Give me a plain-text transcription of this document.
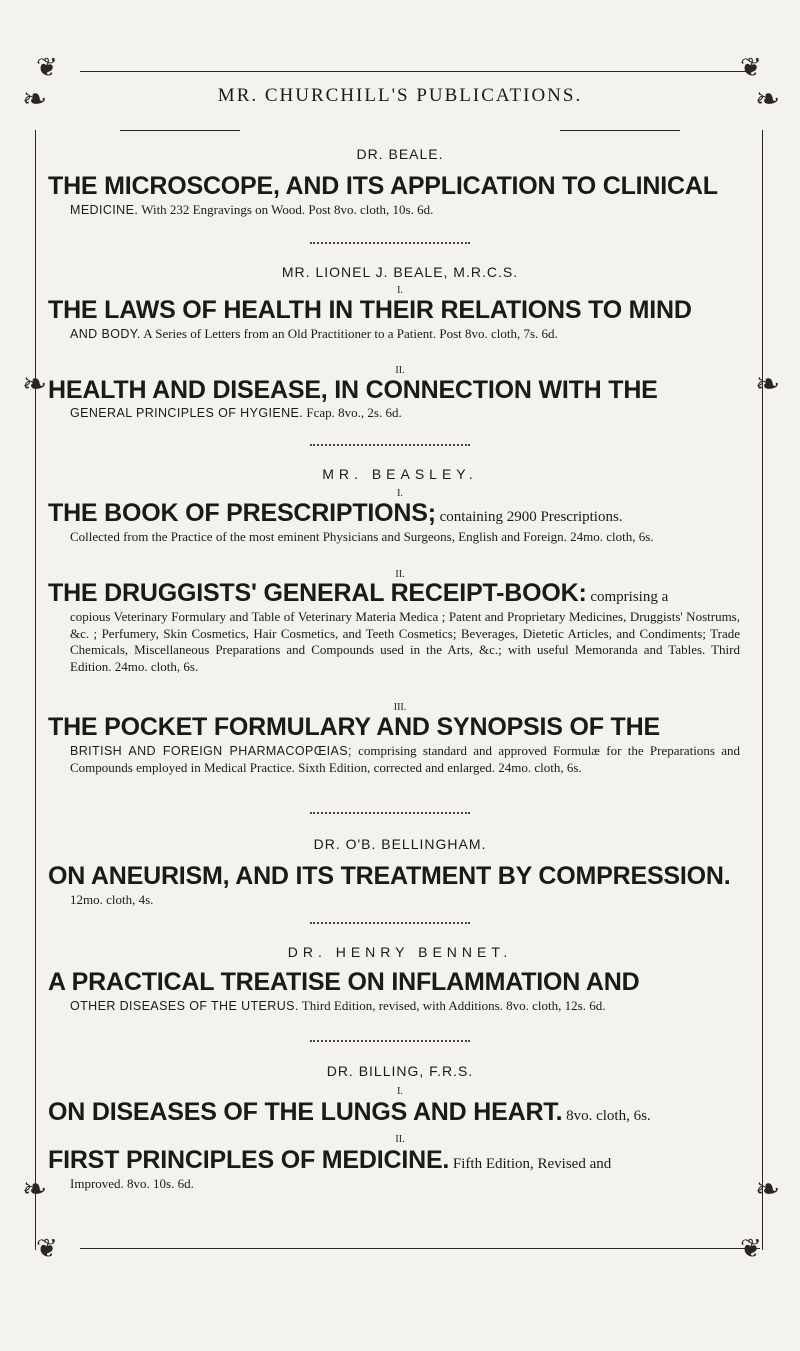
❦	❦
❦	❦
❧	❧
❧	❧
❧	❧
MR. CHURCHILL'S PUBLICATIONS.
DR. BEALE.
THE MICROSCOPE, AND ITS APPLICATION TO CLINICAL
MEDICINE. With 232 Engravings on Wood. Post 8vo. cloth, 10s. 6d.
MR. LIONEL J. BEALE, M.R.C.S.
I.
THE LAWS OF HEALTH IN THEIR RELATIONS TO MIND
AND BODY. A Series of Letters from an Old Practitioner to a Patient. Post 8vo. cloth, 7s. 6d.
II.
HEALTH AND DISEASE, IN CONNECTION WITH THE
GENERAL PRINCIPLES OF HYGIENE. Fcap. 8vo., 2s. 6d.
MR. BEASLEY.
I.
THE BOOK OF PRESCRIPTIONS; containing 2900 Prescriptions.
Collected from the Practice of the most eminent Physicians and Surgeons, English and Foreign. 24mo. cloth, 6s.
II.
THE DRUGGISTS' GENERAL RECEIPT-BOOK: comprising a
copious Veterinary Formulary and Table of Veterinary Materia Medica ; Patent and Proprietary Medicines, Druggists' Nostrums, &c. ; Perfumery, Skin Cosmetics, Hair Cosmetics, and Teeth Cosmetics; Beverages, Dietetic Articles, and Condiments; Trade Chemicals, Miscellaneous Preparations and Compounds used in the Arts, &c.; with useful Memoranda and Tables. Third Edition. 24mo. cloth, 6s.
III.
THE POCKET FORMULARY AND SYNOPSIS OF THE
BRITISH AND FOREIGN PHARMACOPŒIAS; comprising standard and approved Formulæ for the Preparations and Compounds employed in Medical Practice. Sixth Edition, corrected and enlarged. 24mo. cloth, 6s.
DR. O'B. BELLINGHAM.
ON ANEURISM, AND ITS TREATMENT BY COMPRESSION.
12mo. cloth, 4s.
DR. HENRY BENNET.
A PRACTICAL TREATISE ON INFLAMMATION AND
OTHER DISEASES OF THE UTERUS. Third Edition, revised, with Additions. 8vo. cloth, 12s. 6d.
DR. BILLING, F.R.S.
I.
ON DISEASES OF THE LUNGS AND HEART. 8vo. cloth, 6s.
II.
FIRST PRINCIPLES OF MEDICINE. Fifth Edition, Revised and
Improved. 8vo. 10s. 6d.
